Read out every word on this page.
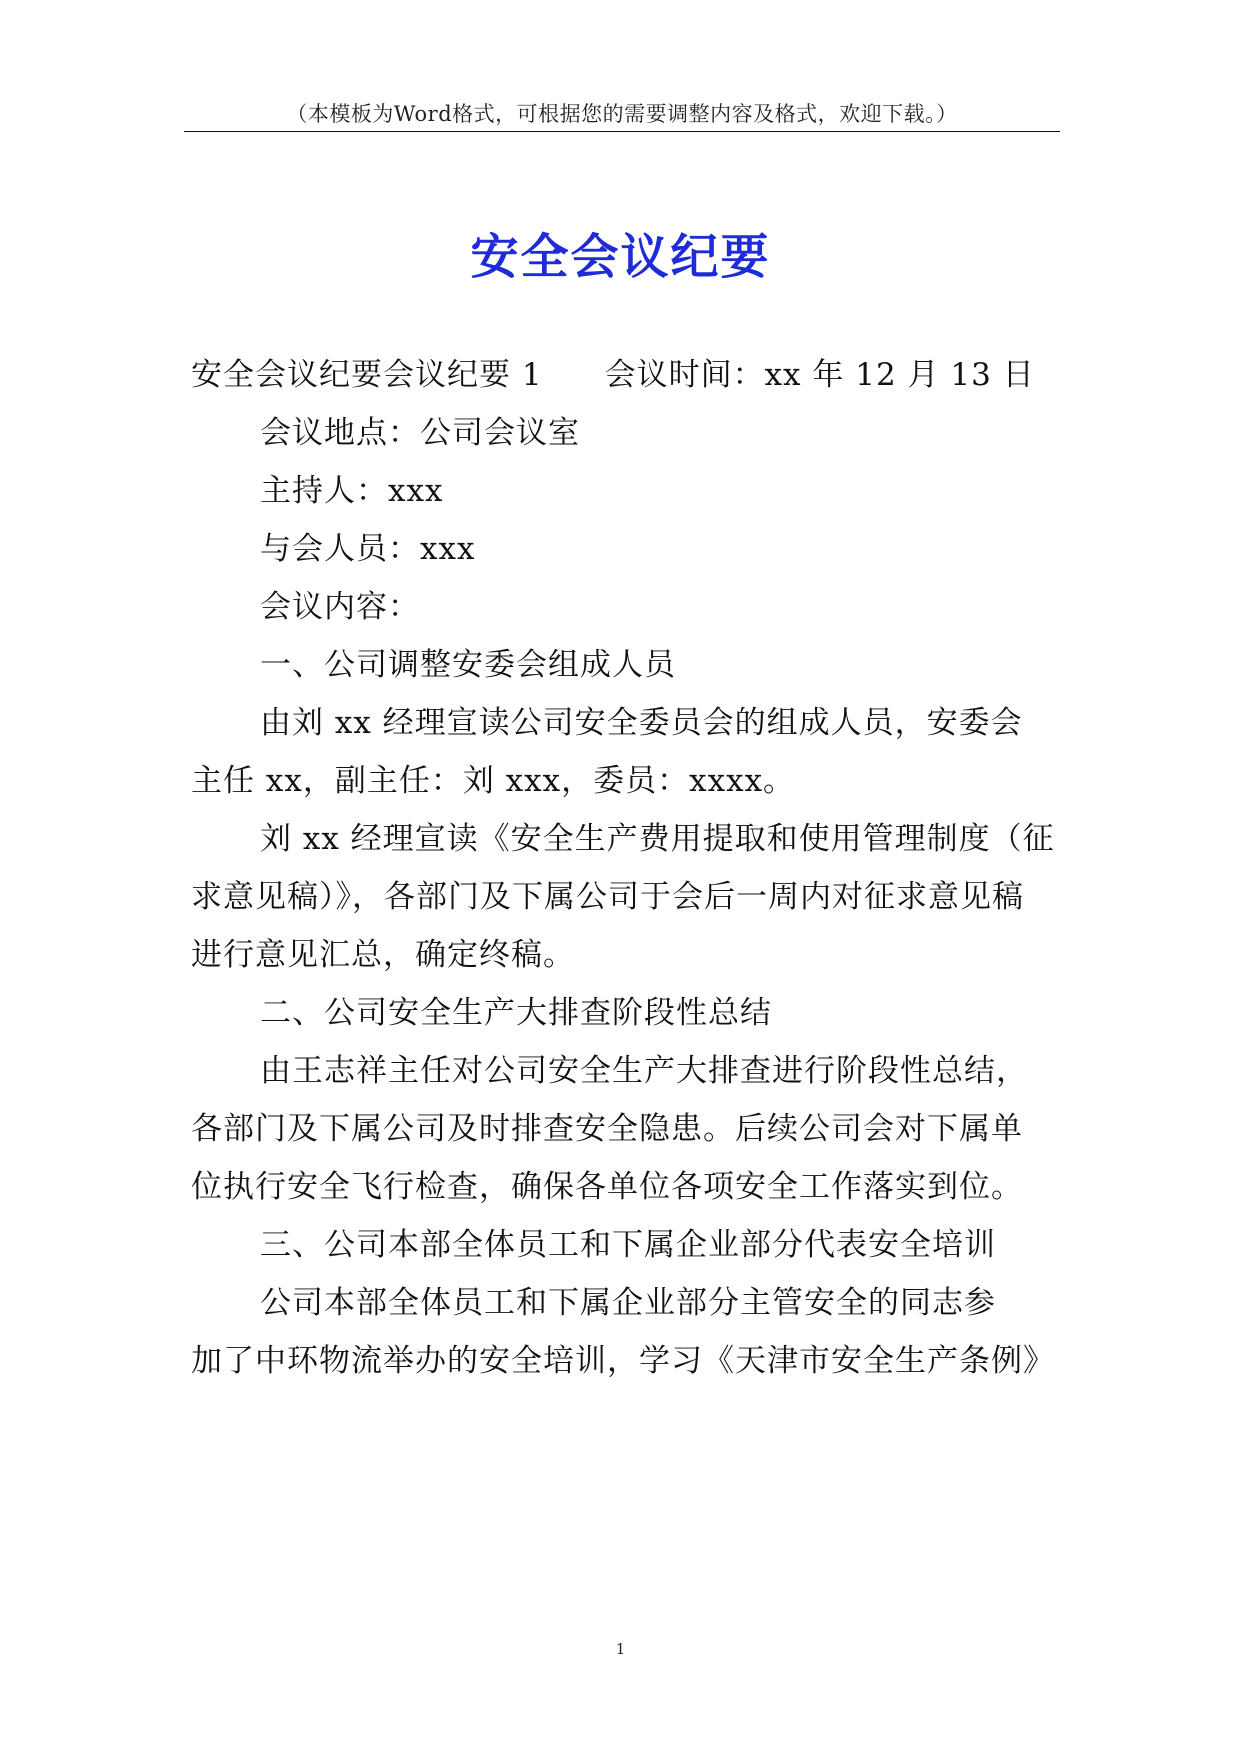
（本模板为Word格式，可根据您的需要调整内容及格式，欢迎下载。）
安全会议纪要
安全会议纪要会议纪要 1 会议时间：xx 年 12 月 13 日
会议地点：公司会议室
主持人：xxx
与会人员：xxx
会议内容：
一、公司调整安委会组成人员
由刘 xx 经理宣读公司安全委员会的组成人员，安委会
主任 xx，副主任：刘 xxx，委员：xxxx。
刘 xx 经理宣读《安全生产费用提取和使用管理制度（征
求意见稿）》，各部门及下属公司于会后一周内对征求意见稿
进行意见汇总，确定终稿。
二、公司安全生产大排查阶段性总结
由王志祥主任对公司安全生产大排查进行阶段性总结，
各部门及下属公司及时排查安全隐患。后续公司会对下属单
位执行安全飞行检查，确保各单位各项安全工作落实到位。
三、公司本部全体员工和下属企业部分代表安全培训
公司本部全体员工和下属企业部分主管安全的同志参
加了中环物流举办的安全培训，学习《天津市安全生产条例》
1
